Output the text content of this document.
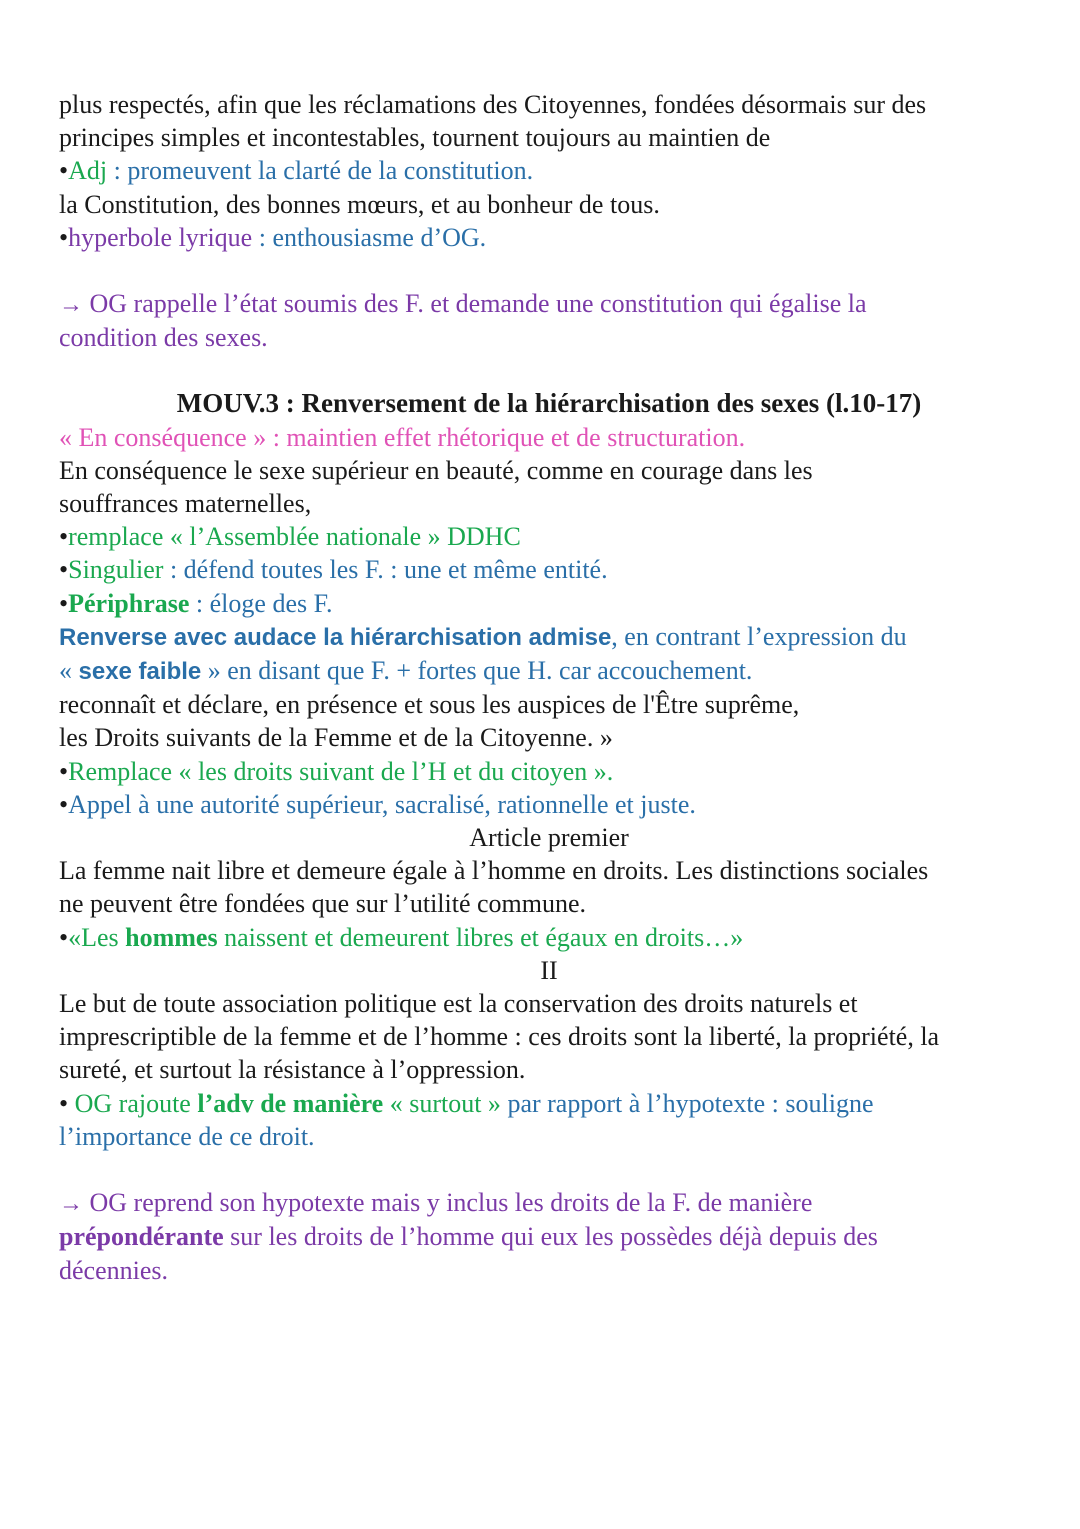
plus respectés, afin que les réclamations des Citoyennes, fondées désormais sur des
principes simples et incontestables, tournent toujours au maintien de
•Adj : promeuvent la clarté de la constitution.
la Constitution, des bonnes mœurs, et au bonheur de tous.
•hyperbole lyrique : enthousiasme d’OG.
→ OG rappelle l’état soumis des F. et demande une constitution qui égalise la
condition des sexes.
MOUV.3 : Renversement de la hiérarchisation des sexes (l.10-17)
« En conséquence » : maintien effet rhétorique et de structuration.
En conséquence le sexe supérieur en beauté, comme en courage dans les
souffrances maternelles,
•remplace « l’Assemblée nationale » DDHC
•Singulier : défend toutes les F. : une et même entité.
•Périphrase : éloge des F.
Renverse avec audace la hiérarchisation admise, en contrant l’expression du
« sexe faible » en disant que F. + fortes que H. car accouchement.
reconnaît et déclare, en présence et sous les auspices de l'Être suprême,
les Droits suivants de la Femme et de la Citoyenne. »
•Remplace « les droits suivant de l’H et du citoyen ».
•Appel à une autorité supérieur, sacralisé, rationnelle et juste.
Article premier
La femme nait libre et demeure égale à l’homme en droits. Les distinctions sociales
ne peuvent être fondées que sur l’utilité commune.
•«Les hommes naissent et demeurent libres et égaux en droits…»
II
Le but de toute association politique est la conservation des droits naturels et
imprescriptible de la femme et de l’homme : ces droits sont la liberté, la propriété, la
sureté, et surtout la résistance à l’oppression.
• OG rajoute l’adv de manière « surtout » par rapport à l’hypotexte : souligne
l’importance de ce droit.
→ OG reprend son hypotexte mais y inclus les droits de la F. de manière
prépondérante sur les droits de l’homme qui eux les possèdes déjà depuis des
décennies.
